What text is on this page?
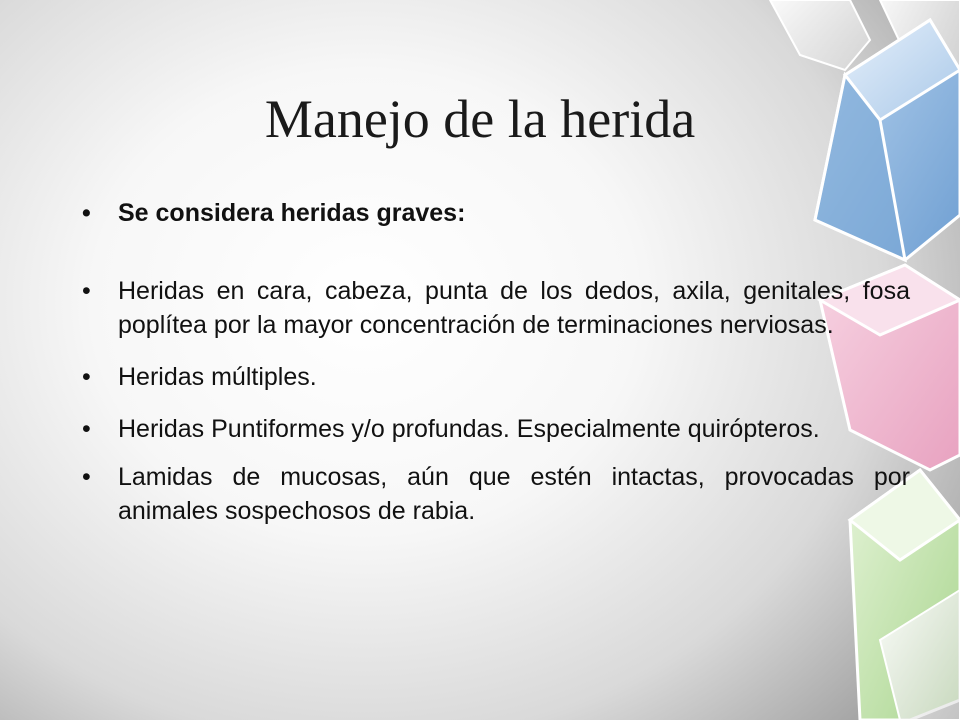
Manejo de la herida
• Se considera heridas graves:
• Heridas en cara, cabeza, punta de los dedos, axila, genitales, fosa poplítea por la mayor concentración de terminaciones nerviosas.
• Heridas múltiples.
• Heridas Puntiformes y/o profundas. Especialmente quirópteros.
• Lamidas de mucosas, aún que estén intactas, provocadas por animales sospechosos de rabia.
